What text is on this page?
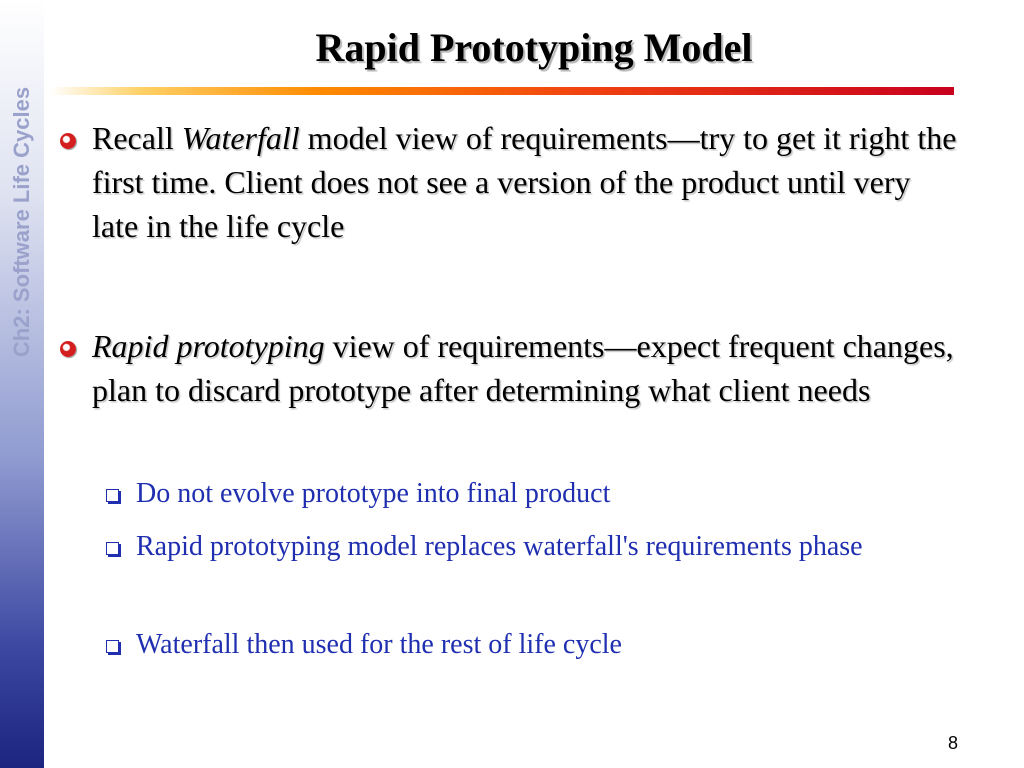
Ch2: Software Life Cycles
Rapid Prototyping Model
Recall Waterfall model view of requirements—try to get it right the first time. Client does not see a version of the product until very late in the life cycle
Rapid prototyping view of requirements—expect frequent changes, plan to discard prototype after determining what client needs
Do not evolve prototype into final product
Rapid prototyping model replaces waterfall's requirements phase
Waterfall then used for the rest of life cycle
8
